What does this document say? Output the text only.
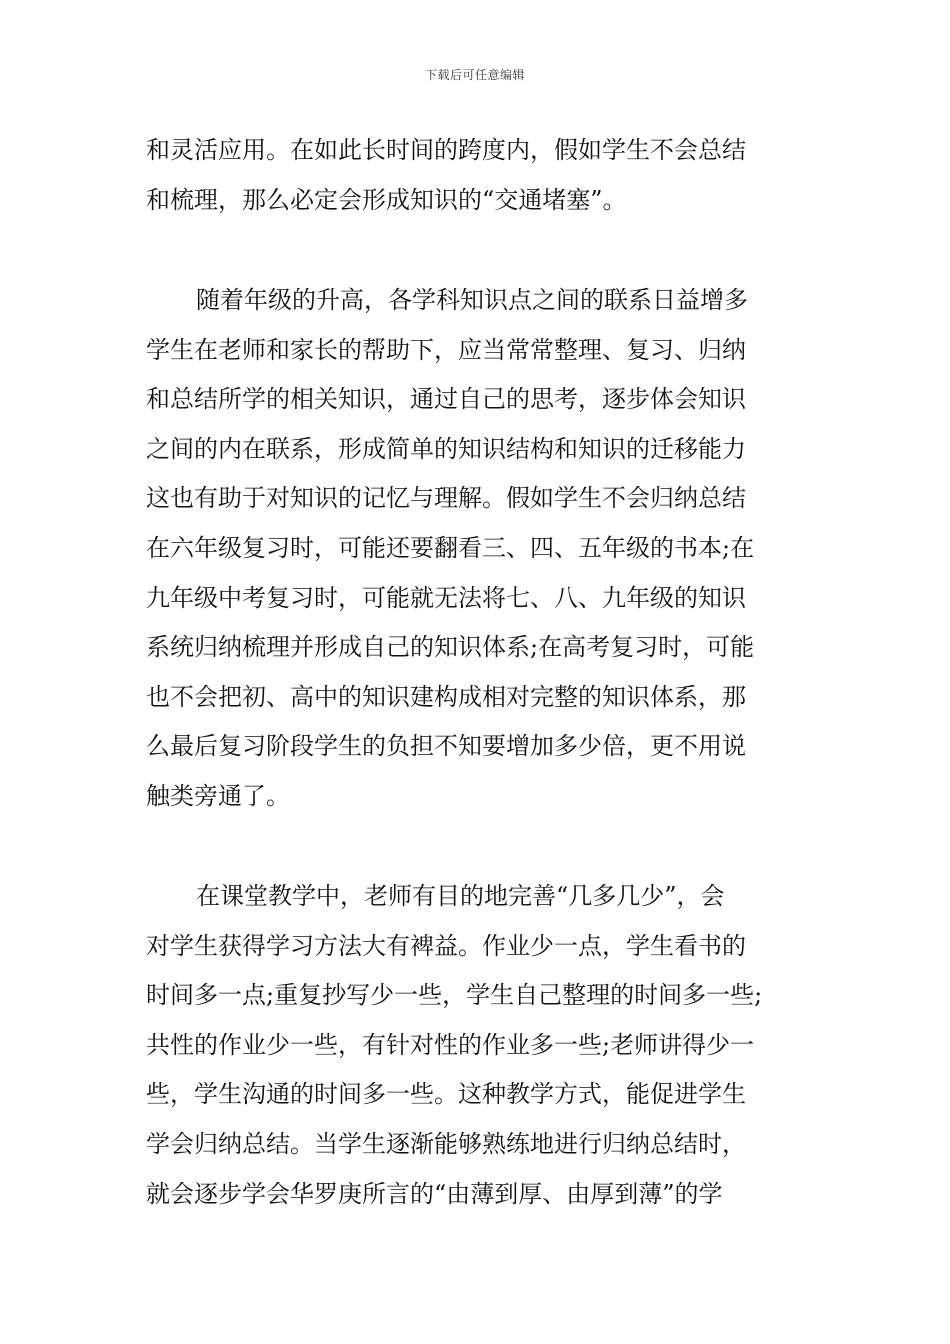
下载后可任意编辑
和灵活应用。在如此长时间的跨度内，假如学生不会总结
和梳理，那么必定会形成知识的“交通堵塞”。
随着年级的升高，各学科知识点之间的联系日益增多
学生在老师和家长的帮助下，应当常常整理、复习、归纳
和总结所学的相关知识，通过自己的思考，逐步体会知识
之间的内在联系，形成简单的知识结构和知识的迁移能力
这也有助于对知识的记忆与理解。假如学生不会归纳总结
在六年级复习时，可能还要翻看三、四、五年级的书本;在
九年级中考复习时，可能就无法将七、八、九年级的知识
系统归纳梳理并形成自己的知识体系;在高考复习时，可能
也不会把初、高中的知识建构成相对完整的知识体系，那
么最后复习阶段学生的负担不知要增加多少倍，更不用说
触类旁通了。
在课堂教学中，老师有目的地完善“几多几少”，会
对学生获得学习方法大有裨益。作业少一点，学生看书的
时间多一点;重复抄写少一些，学生自己整理的时间多一些;
共性的作业少一些，有针对性的作业多一些;老师讲得少一
些，学生沟通的时间多一些。这种教学方式，能促进学生
学会归纳总结。当学生逐渐能够熟练地进行归纳总结时，
就会逐步学会华罗庚所言的“由薄到厚、由厚到薄”的学
